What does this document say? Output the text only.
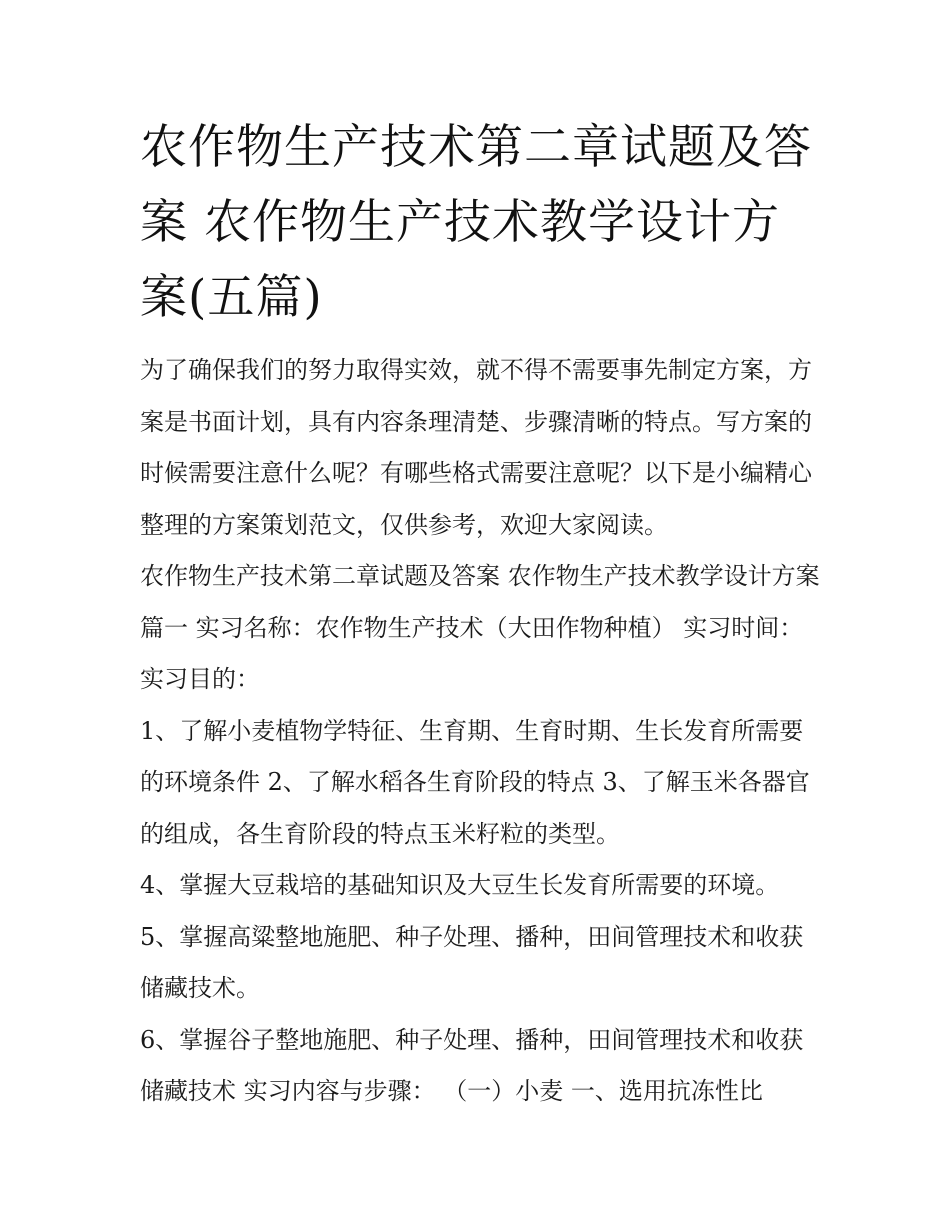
农作物生产技术第二章试题及答案 农作物生产技术教学设计方案(五篇)

为了确保我们的努力取得实效，就不得不需要事先制定方案，方案是书面计划，具有内容条理清楚、步骤清晰的特点。写方案的时候需要注意什么呢？有哪些格式需要注意呢？以下是小编精心整理的方案策划范文，仅供参考，欢迎大家阅读。

农作物生产技术第二章试题及答案 农作物生产技术教学设计方案篇一 实习名称：农作物生产技术（大田作物种植） 实习时间： 实习目的：

1、了解小麦植物学特征、生育期、生育时期、生长发育所需要的环境条件 2、了解水稻各生育阶段的特点 3、了解玉米各器官的组成，各生育阶段的特点玉米籽粒的类型。

4、掌握大豆栽培的基础知识及大豆生长发育所需要的环境。

5、掌握高粱整地施肥、种子处理、播种，田间管理技术和收获储藏技术。

6、掌握谷子整地施肥、种子处理、播种，田间管理技术和收获储藏技术 实习内容与步骤： （一）小麦 一、选用抗冻性比
